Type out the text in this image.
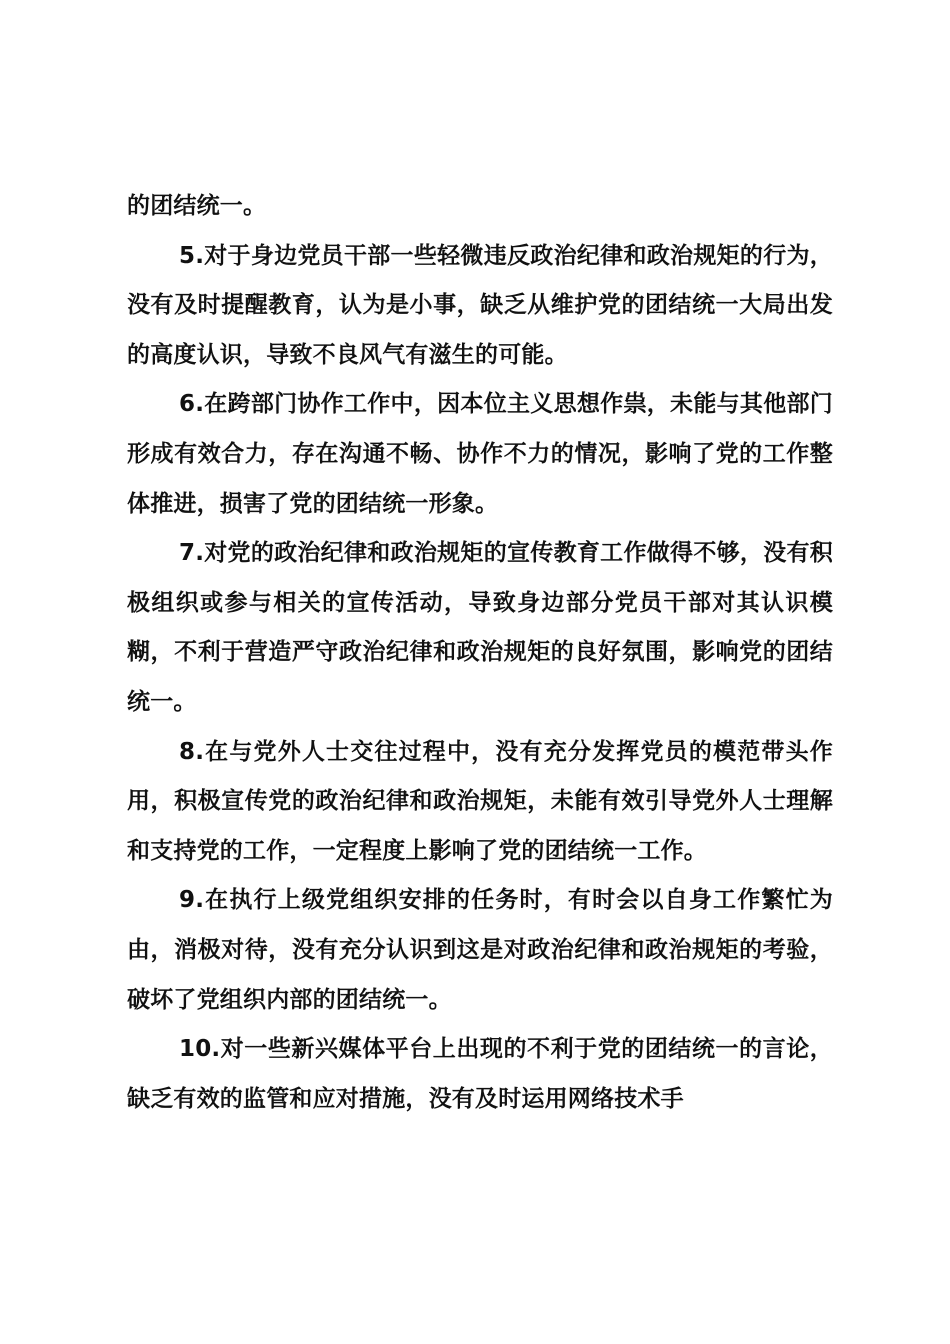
的团结统一。

5.对于身边党员干部一些轻微违反政治纪律和政治规矩的行为，没有及时提醒教育，认为是小事，缺乏从维护党的团结统一大局出发的高度认识，导致不良风气有滋生的可能。

6.在跨部门协作工作中，因本位主义思想作祟，未能与其他部门形成有效合力，存在沟通不畅、协作不力的情况，影响了党的工作整体推进，损害了党的团结统一形象。

7.对党的政治纪律和政治规矩的宣传教育工作做得不够，没有积极组织或参与相关的宣传活动，导致身边部分党员干部对其认识模糊，不利于营造严守政治纪律和政治规矩的良好氛围，影响党的团结统一。

8.在与党外人士交往过程中，没有充分发挥党员的模范带头作用，积极宣传党的政治纪律和政治规矩，未能有效引导党外人士理解和支持党的工作，一定程度上影响了党的团结统一工作。

9.在执行上级党组织安排的任务时，有时会以自身工作繁忙为由，消极对待，没有充分认识到这是对政治纪律和政治规矩的考验，破坏了党组织内部的团结统一。

10.对一些新兴媒体平台上出现的不利于党的团结统一的言论，缺乏有效的监管和应对措施，没有及时运用网络技术手
